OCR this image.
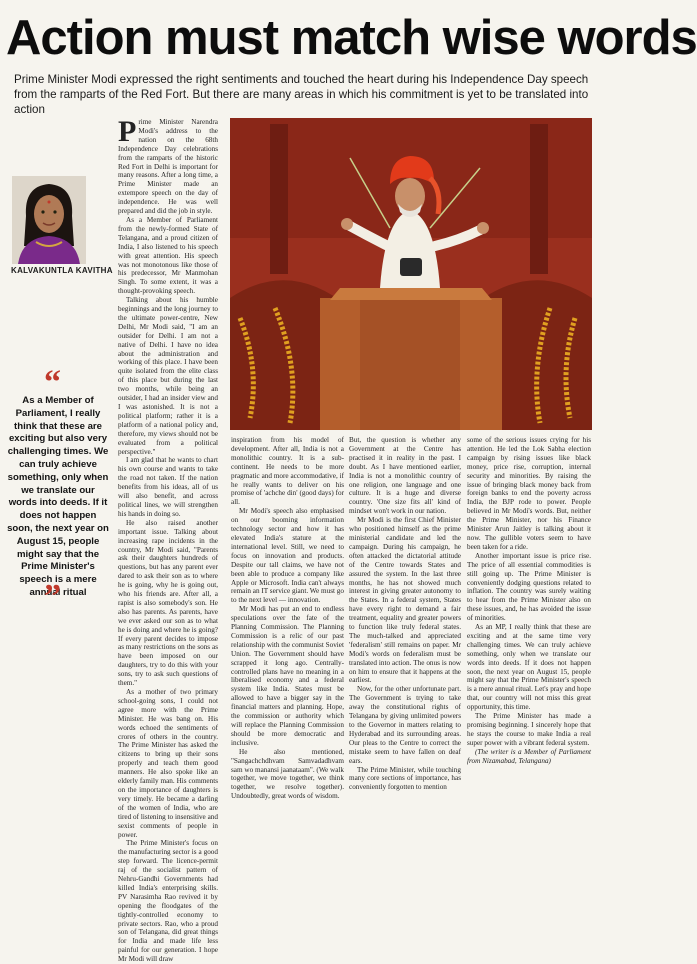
Action must match wise words
Prime Minister Modi expressed the right sentiments and touched the heart during his Independence Day speech from the ramparts of the Red Fort. But there are many areas in which his commitment is yet to be translated into action
KALVAKUNTLA KAVITHA
“
As a Member of Parliament, I really think that these are exciting but also very challenging times. We can truly achieve something, only when we translate our words into deeds. If it does not happen soon, the next year on August 15, people might say that the Prime Minister's speech is a mere annual ritual
”

Prime Minister Narendra Modi's address to the nation on the 68th Independence Day celebrations from the ramparts of the historic Red Fort in Delhi is important for many reasons. After a long time, a Prime Minister made an extempore speech on the day of independence. He was well prepared and did the job in style.

As a Member of Parliament from the newly-formed State of Telangana, and a proud citizen of India, I also listened to his speech with great attention. His speech was not monotonous like those of his predecessor, Mr Manmohan Singh. To some extent, it was a thought-provoking speech.

Talking about his humble beginnings and the long journey to the ultimate power-centre, New Delhi, Mr Modi said, "I am an outsider for Delhi. I am not a native of Delhi. I have no idea about the administration and working of this place. I have been quite isolated from the elite class of this place but during the last two months, while being an outsider, I had an insider view and I was astonished. It is not a political platform; rather it is a platform of a national policy and, therefore, my views should not be evaluated from a political perspective."

I am glad that he wants to chart his own course and wants to take the road not taken. If the nation benefits from his ideas, all of us will also benefit, and across political lines, we will strengthen his hands in doing so.

He also raised another important issue. Talking about increasing rape incidents in the country, Mr Modi said, "Parents ask their daughters hundreds of questions, but has any parent ever dared to ask their son as to where he is going, why he is going out, who his friends are. After all, a rapist is also somebody's son. He also has parents. As parents, have we ever asked our son as to what he is doing and where he is going? If every parent decides to impose as many restrictions on the sons as have been imposed on our daughters, try to do this with your sons, try to ask such questions of them."

As a mother of two primary school-going sons, I could not agree more with the Prime Minister. He was bang on. His words echoed the sentiments of crores of others in the country. The Prime Minister has asked the citizens to bring up their sons properly and teach them good manners. He also spoke like an elderly family man. His comments on the importance of daughters is very timely. He became a darling of the women of India, who are tired of listening to insensitive and sexist comments of people in power.

The Prime Minister's focus on the manufacturing sector is a good step forward. The licence-permit raj of the socialist pattern of Nehru-Gandhi Governments had killed India's enterprising skills. PV Narasimha Rao revived it by opening the floodgates of the tightly-controlled economy to private sectors. Rao, who a proud son of Telangana, did great things for India and made life less painful for our generation. I hope Mr Modi will draw

inspiration from his model of development. After all, India is not a monolithic country. It is a sub-continent. He needs to be more pragmatic and more accommodative, if he really wants to deliver on his promise of 'achche din' (good days) for all.

Mr Modi's speech also emphasised on our booming information technology sector and how it has elevated India's stature at the international level. Still, we need to focus on innovation and products. Despite our tall claims, we have not been able to produce a company like Apple or Microsoft. India can't always remain an IT service giant. We must go to the next level — innovation.

Mr Modi has put an end to endless speculations over the fate of the Planning Commission. The Planning Commission is a relic of our past relationship with the communist Soviet Union. The Government should have scrapped it long ago. Centrally-controlled plans have no meaning in a liberalised economy and a federal system like India. States must be allowed to have a bigger say in the financial matters and planning. Hope, the commission or authority which will replace the Planning Commission should be more democratic and inclusive.

He also mentioned, "Sangachchdhvam Samvadadhvam sam wo manansi jaanataam". (We walk together, we move together, we think together, we resolve together). Undoubtedly, great words of wisdom.

But, the question is whether any Government at the Centre has practised it in reality in the past. I doubt. As I have mentioned earlier, India is not a monolithic country of one religion, one language and one culture. It is a huge and diverse country. 'One size fits all' kind of mindset won't work in our nation.

Mr Modi is the first Chief Minister who positioned himself as the prime ministerial candidate and led the campaign. During his campaign, he often attacked the dictatorial attitude of the Centre towards States and assured the system. In the last three months, he has not showed much interest in giving greater autonomy to the States. In a federal system, States have every right to demand a fair treatment, equality and greater powers to function like truly federal states. The much-talked and appreciated 'federalism' still remains on paper. Mr Modi's words on federalism must be translated into action. The onus is now on him to ensure that it happens at the earliest.

Now, for the other unfortunate part. The Government is trying to take away the constitutional rights of Telangana by giving unlimited powers to the Governor in matters relating to Hyderabad and its surrounding areas. Our pleas to the Centre to correct the mistake seem to have fallen on deaf ears.

The Prime Minister, while touching many core sections of importance, has conveniently forgotten to mention

some of the serious issues crying for his attention. He led the Lok Sabha election campaign by rising issues like black money, price rise, corruption, internal security and minorities. By raising the issue of bringing black money back from foreign banks to end the poverty across India, the BJP rode to power. People believed in Mr Modi's words. But, neither the Prime Minister, nor his Finance Minister Arun Jaitley is talking about it now. The gullible voters seem to have been taken for a ride.

Another important issue is price rise. The price of all essential commodities is still going up. The Prime Minister is conveniently dodging questions related to inflation. The country was surely waiting to hear from the Prime Minister also on these issues, and, he has avoided the issue of minorities.

As an MP, I really think that these are exciting and at the same time very challenging times. We can truly achieve something, only when we translate our words into deeds. If it does not happen soon, the next year on August 15, people might say that the Prime Minister's speech is a mere annual ritual. Let's pray and hope that, our country will not miss this great opportunity, this time.

The Prime Minister has made a promising beginning. I sincerely hope that he stays the course to make India a real super power with a vibrant federal system.

(The writer is a Member of Parliament from Nizamabad, Telangana)
